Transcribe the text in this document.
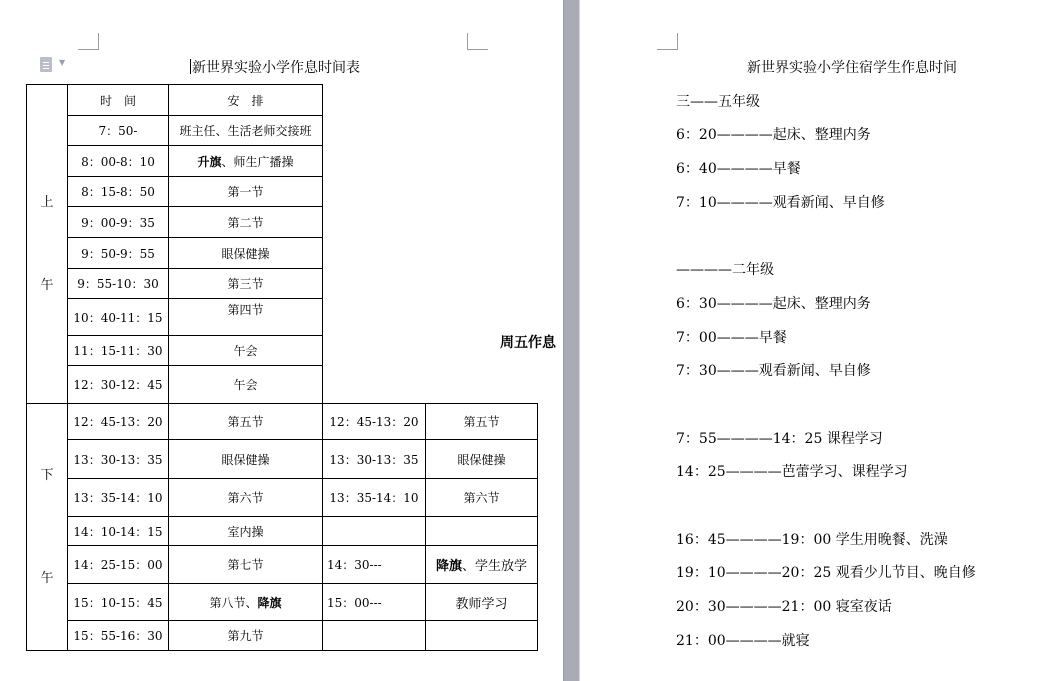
▼	新世界实验小学作息时间表
周五作息
上
午	时　间	安　排		
	7：50-	班主任、生活老师交接班		
	8：00-8：10	升旗、师生广播操		
	8：15-8：50	第一节		
	9：00-9：35	第二节		
	9：50-9：55	眼保健操		
	9：55-10：30	第三节		
	10：40-11：15	第四节		
	11：15-11：30	午会		
	12：30-12：45	午会		

下
午	12：45-13：20	第五节	12：45-13：20	第五节
	13：30-13：35	眼保健操	13：30-13：35	眼保健操
	13：35-14：10	第六节	13：35-14：10	第六节
	14：10-14：15	室内操		
	14：25-15：00	第七节	14：30---	降旗、学生放学
	15：10-15：45	第八节、降旗	15：00---	教师学习
	15：55-16：30	第九节		
新世界实验小学住宿学生作息时间
三——五年级
6：20————起床、整理内务
6：40————早餐
7：10————观看新闻、早自修
————二年级
6：30————起床、整理内务
7：00———早餐
7：30———观看新闻、早自修
7：55————14：25 课程学习
14：25————芭蕾学习、课程学习
16：45————19：00 学生用晚餐、洗澡
19：10————20：25 观看少儿节目、晚自修
20：30————21：00 寝室夜话
21：00————就寝
